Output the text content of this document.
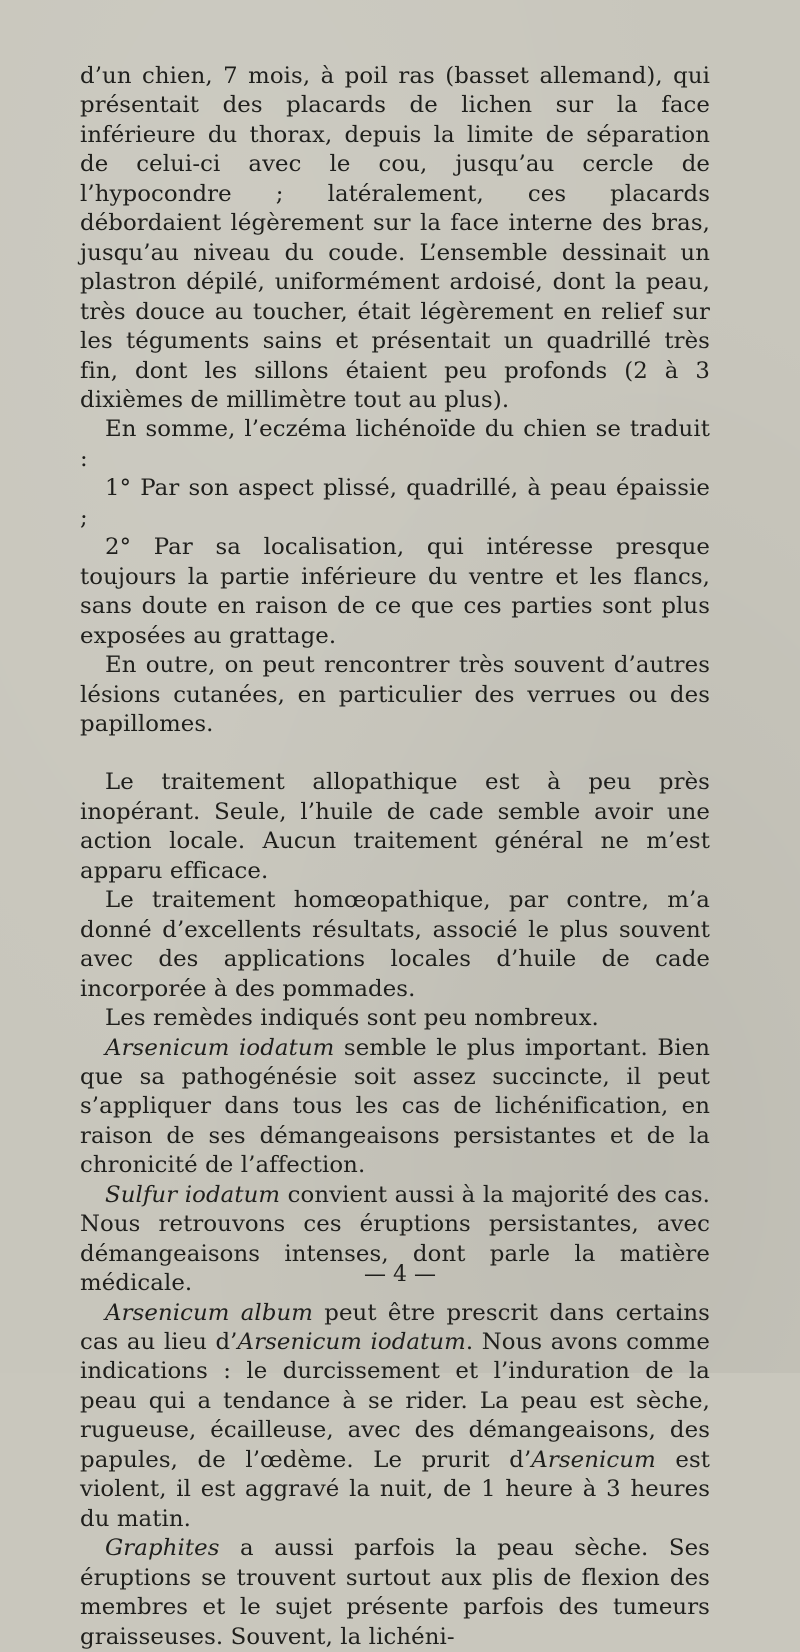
d’un chien, 7 mois, à poil ras (basset allemand), qui présentait des placards de lichen sur la face inférieure du thorax, depuis la limite de séparation de celui-ci avec le cou, jusqu’au cercle de l’hypocondre ; latéralement, ces placards débordaient légèrement sur la face interne des bras, jusqu’au niveau du coude. L’ensemble dessinait un plastron dépilé, uniformément ardoisé, dont la peau, très douce au toucher, était légèrement en relief sur les téguments sains et présentait un quadrillé très fin, dont les sillons étaient peu profonds (2 à 3 dixièmes de millimètre tout au plus).

En somme, l’eczéma lichénoïde du chien se traduit :

1° Par son aspect plissé, quadrillé, à peau épaissie ;

2° Par sa localisation, qui intéresse presque toujours la partie inférieure du ventre et les flancs, sans doute en raison de ce que ces parties sont plus exposées au grattage.

En outre, on peut rencontrer très souvent d’autres lésions cutanées, en particulier des verrues ou des papillomes.

Le traitement allopathique est à peu près inopérant. Seule, l’huile de cade semble avoir une action locale. Aucun traitement général ne m’est apparu efficace.

Le traitement homœopathique, par contre, m’a donné d’excellents résultats, associé le plus souvent avec des applications locales d’huile de cade incorporée à des pommades.

Les remèdes indiqués sont peu nombreux.

Arsenicum iodatum semble le plus important. Bien que sa pathogénésie soit assez succincte, il peut s’appliquer dans tous les cas de lichénification, en raison de ses démangeaisons persistantes et de la chronicité de l’affection.

Sulfur iodatum convient aussi à la majorité des cas. Nous retrouvons ces éruptions persistantes, avec démangeaisons intenses, dont parle la matière médicale.

Arsenicum album peut être prescrit dans certains cas au lieu d’Arsenicum iodatum. Nous avons comme indications : le durcissement et l’induration de la peau qui a tendance à se rider. La peau est sèche, rugueuse, écailleuse, avec des démangeaisons, des papules, de l’œdème. Le prurit d’Arsenicum est violent, il est aggravé la nuit, de 1 heure à 3 heures du matin.

Graphites a aussi parfois la peau sèche. Ses éruptions se trouvent surtout aux plis de flexion des membres et le sujet présente parfois des tumeurs graisseuses. Souvent, la lichéni-

— 4 —
